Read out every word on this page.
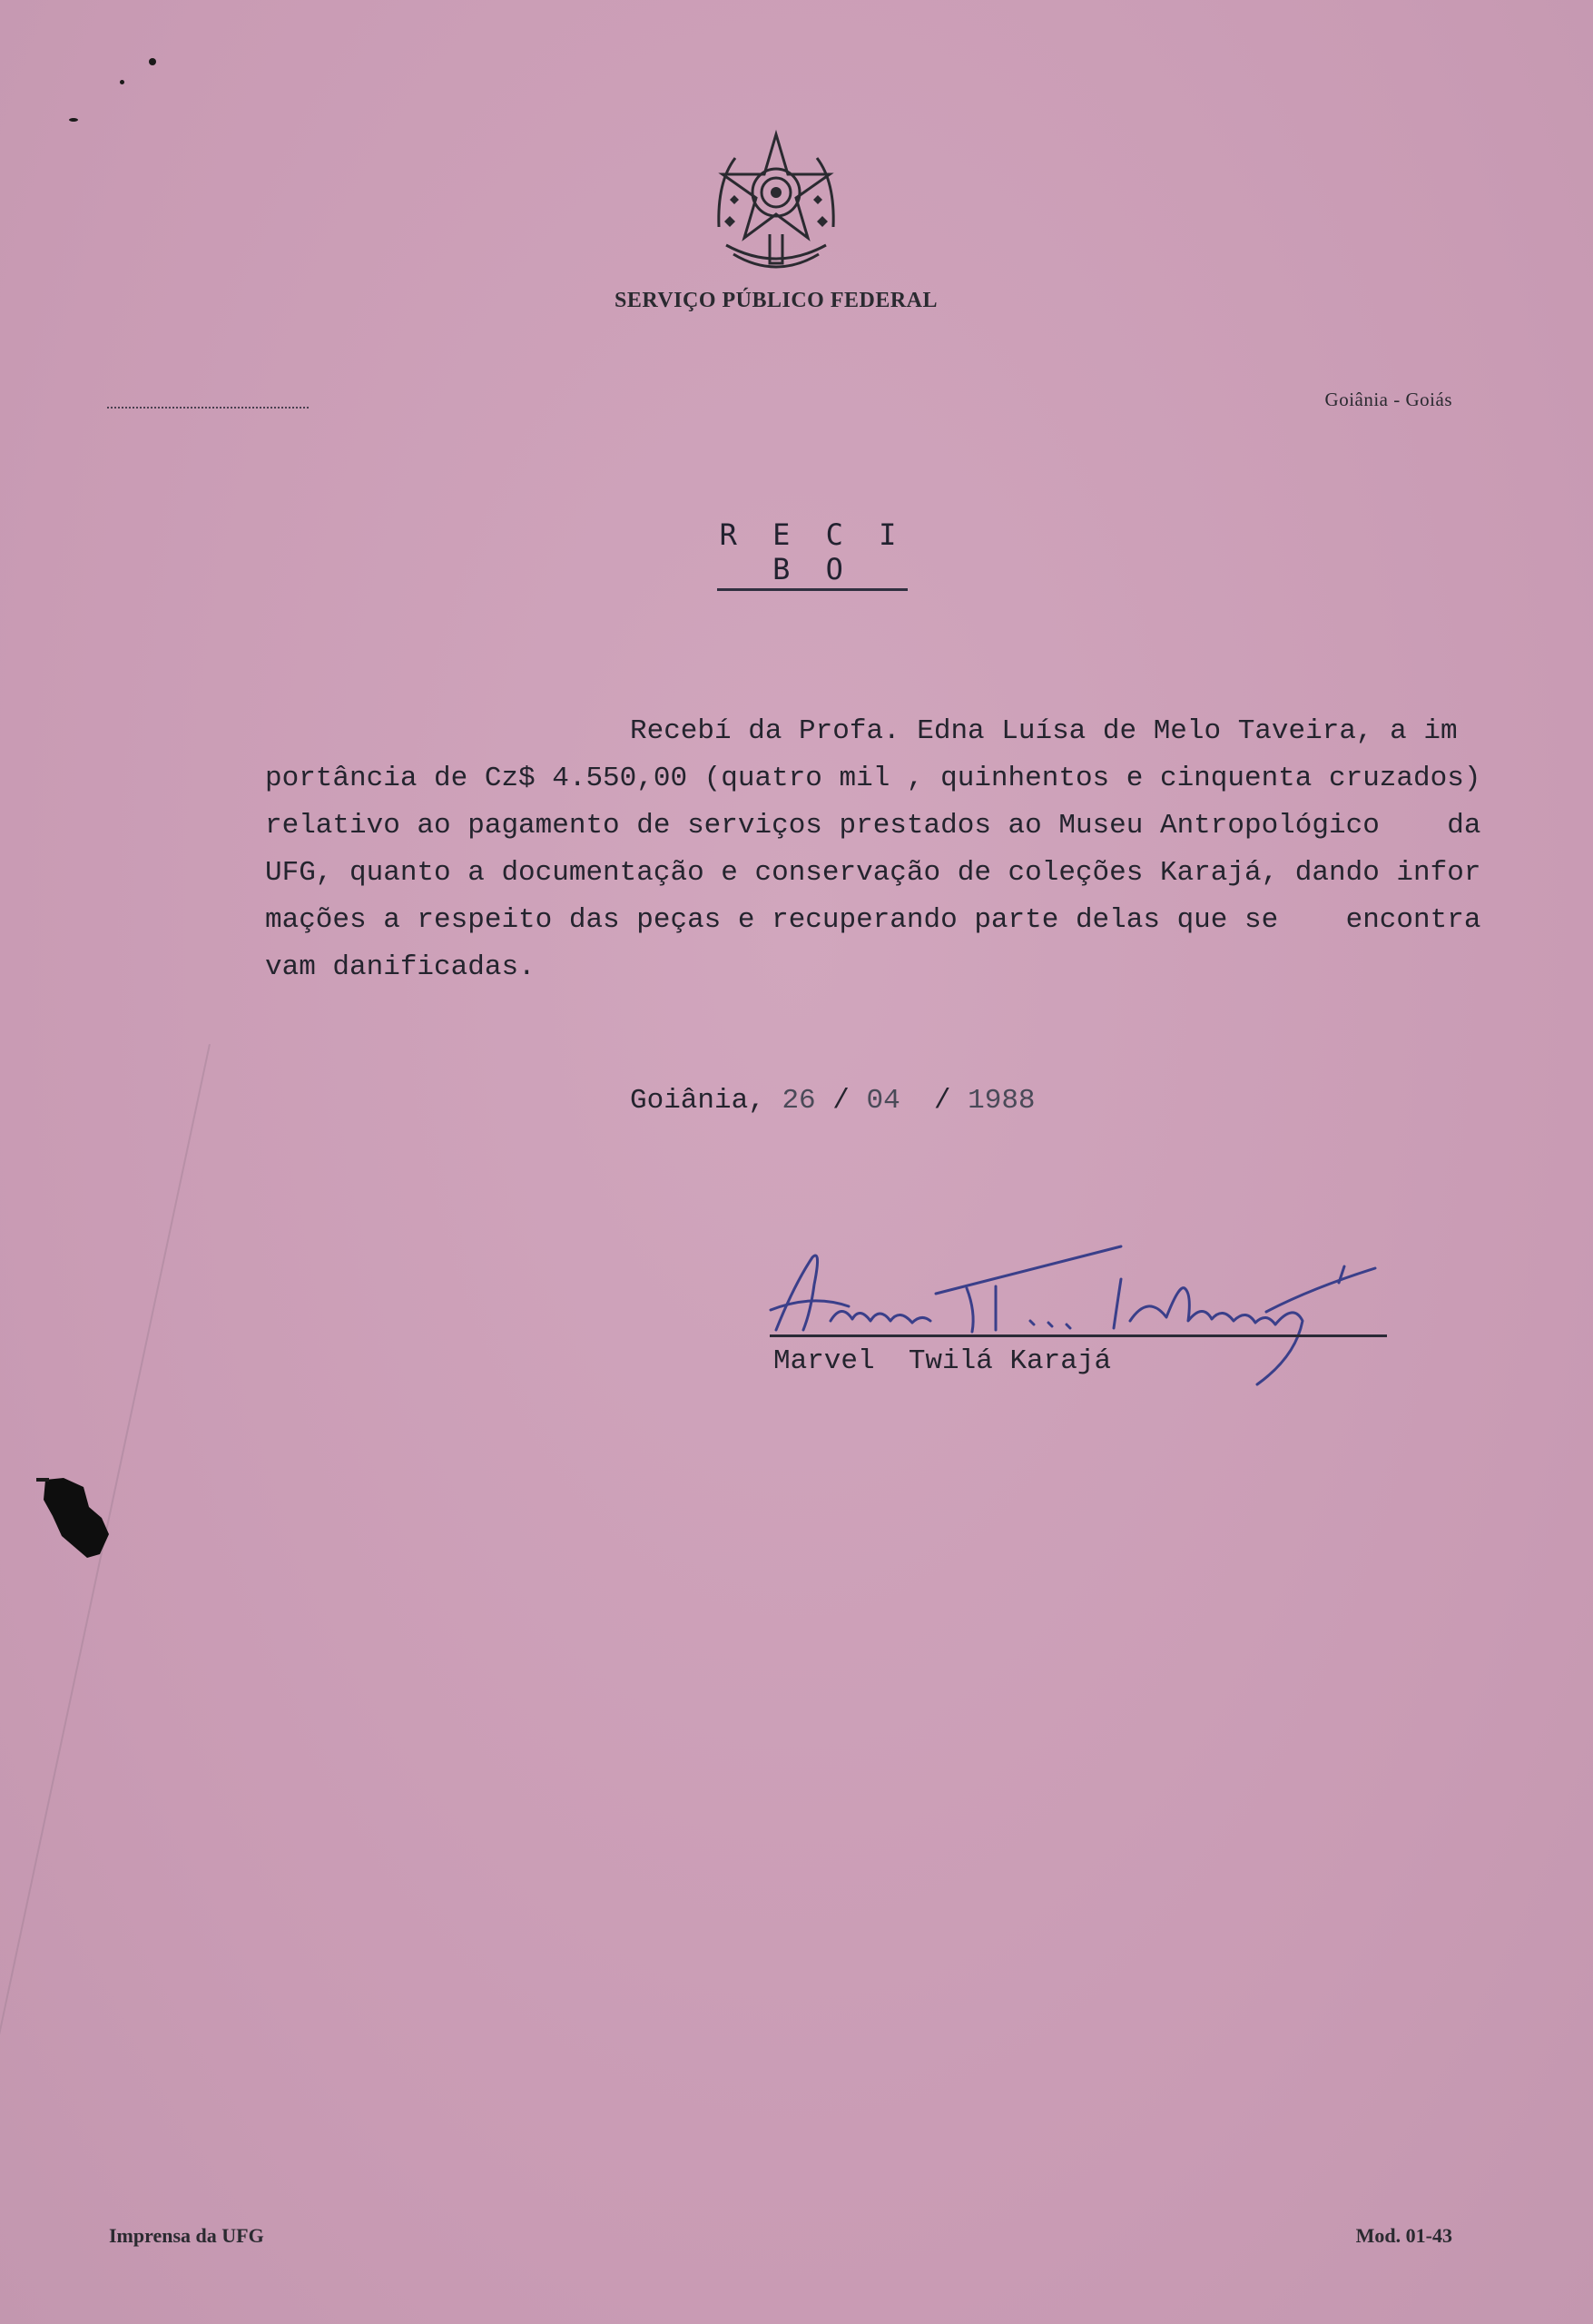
SERVIÇO PÚBLICO FEDERAL
Goiânia - Goiás
R E C I B O
Recebí da Profa. Edna Luísa de Melo Taveira, a im
portância de Cz$ 4.550,00 (quatro mil , quinhentos e cinquenta cruzados)
relativo ao pagamento de serviços prestados ao Museu Antropológico    da
UFG, quanto a documentação e conservação de coleções Karajá, dando infor
mações a respeito das peças e recuperando parte delas que se    encontra
vam danificadas.
Goiânia, 26 / 04  / 1988
Marvel  Twilá Karajá
Imprensa da UFG	Mod. 01-43
